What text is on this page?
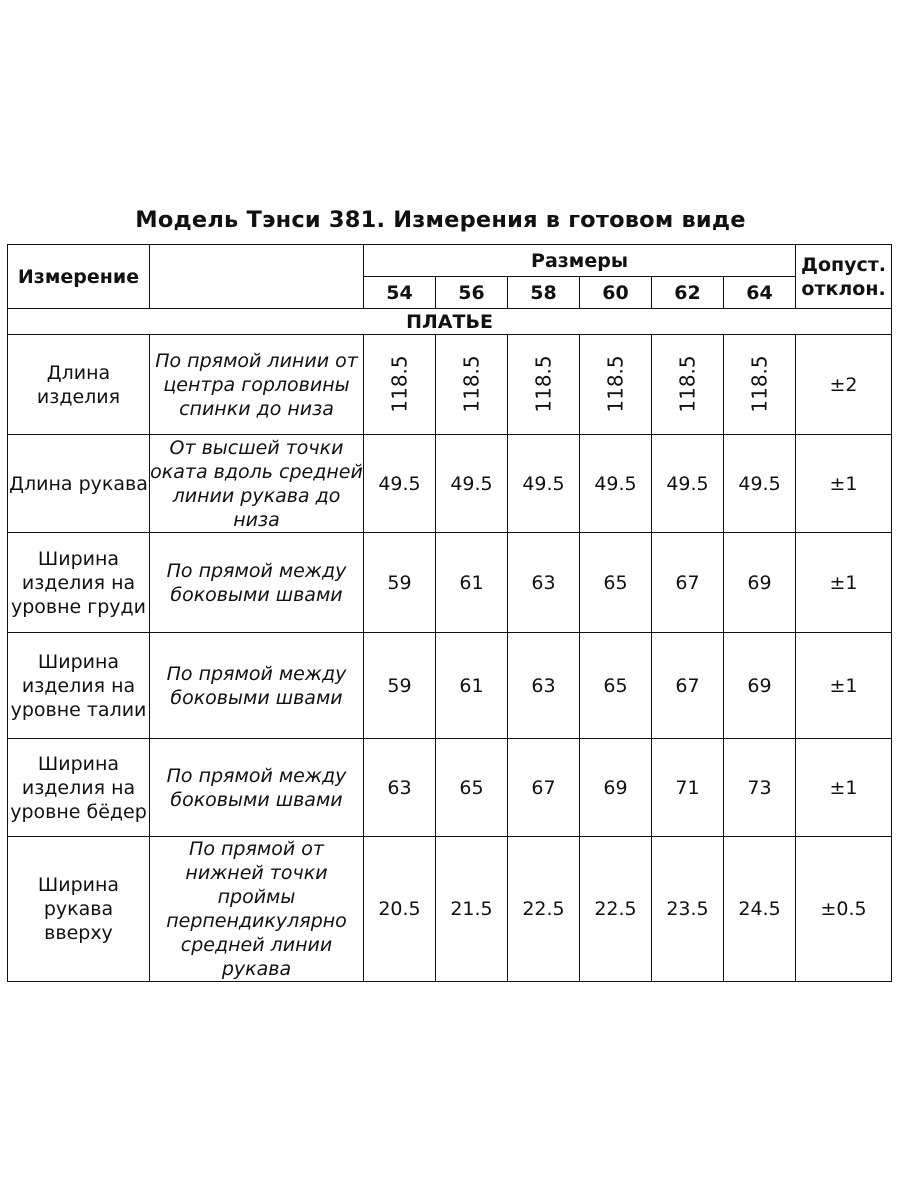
Модель Тэнси 381. Измерения в готовом виде
Измерение		Размеры						Допуст. отклон.
		54	56	58	60	62	64	
ПЛАТЬЕ								
Длина изделия	По прямой линии от центра горловины спинки до низа	118.5	118.5	118.5	118.5	118.5	118.5	±2
Длина рукава	От высшей точки оката вдоль средней линии рукава до низа	49.5	49.5	49.5	49.5	49.5	49.5	±1
Ширина изделия на уровне груди	По прямой между боковыми швами	59	61	63	65	67	69	±1
Ширина изделия на уровне талии	По прямой между боковыми швами	59	61	63	65	67	69	±1
Ширина изделия на уровне бёдер	По прямой между боковыми швами	63	65	67	69	71	73	±1
Ширина рукава вверху	По прямой от нижней точки проймы перпендикулярно средней линии рукава	20.5	21.5	22.5	22.5	23.5	24.5	±0.5
